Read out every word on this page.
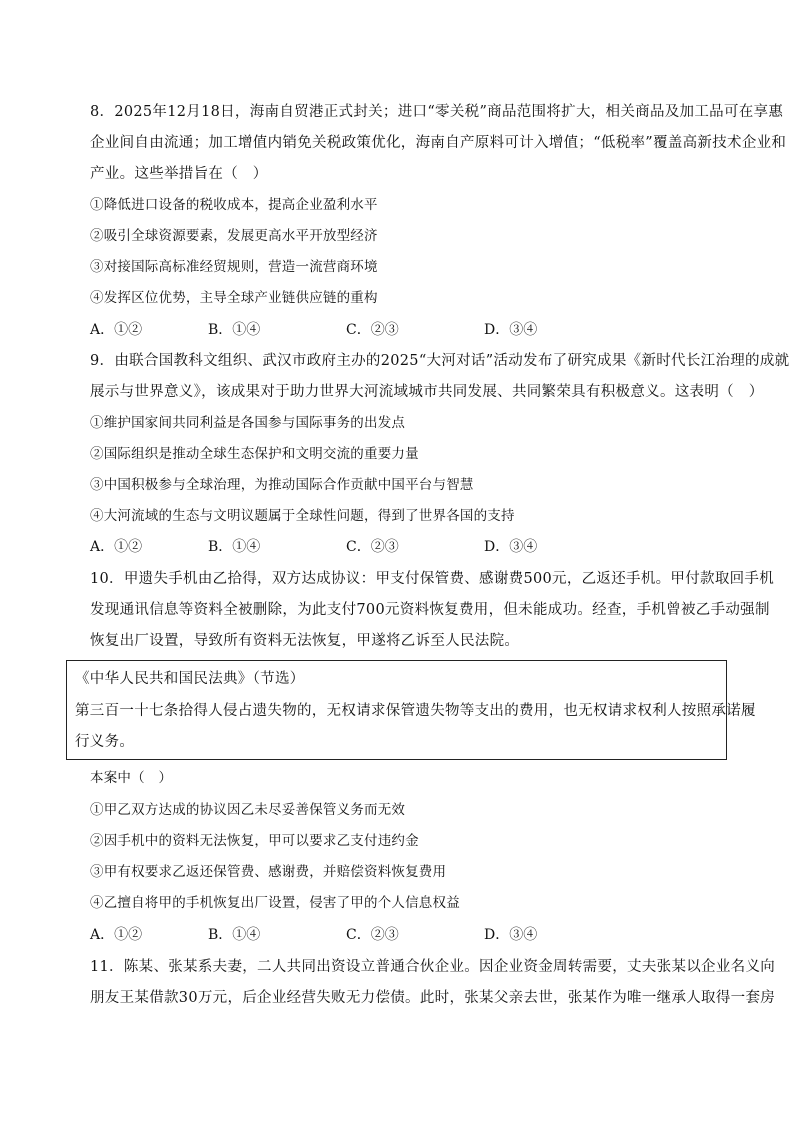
8．2025年12月18日，海南自贸港正式封关；进口“零关税”商品范围将扩大，相关商品及加工品可在享惠
企业间自由流通；加工增值内销免关税政策优化，海南自产原料可计入增值；“低税率”覆盖高新技术企业和
产业。这些举措旨在（　）
①降低进口设备的税收成本，提高企业盈利水平
②吸引全球资源要素，发展更高水平开放型经济
③对接国际高标准经贸规则，营造一流营商环境
④发挥区位优势，主导全球产业链供应链的重构
A．①②	B．①④	C．②③	D．③④
9．由联合国教科文组织、武汉市政府主办的2025“大河对话”活动发布了研究成果《新时代长江治理的成就
展示与世界意义》，该成果对于助力世界大河流域城市共同发展、共同繁荣具有积极意义。这表明（　）
①维护国家间共同利益是各国参与国际事务的出发点
②国际组织是推动全球生态保护和文明交流的重要力量
③中国积极参与全球治理，为推动国际合作贡献中国平台与智慧
④大河流域的生态与文明议题属于全球性问题，得到了世界各国的支持
A．①②	B．①④	C．②③	D．③④
10．甲遗失手机由乙拾得，双方达成协议：甲支付保管费、感谢费500元，乙返还手机。甲付款取回手机
发现通讯信息等资料全被删除，为此支付700元资料恢复费用，但未能成功。经查，手机曾被乙手动强制
恢复出厂设置，导致所有资料无法恢复，甲遂将乙诉至人民法院。
《中华人民共和国民法典》（节选）
第三百一十七条拾得人侵占遗失物的，无权请求保管遗失物等支出的费用，也无权请求权利人按照承诺履
行义务。
本案中（　）
①甲乙双方达成的协议因乙未尽妥善保管义务而无效
②因手机中的资料无法恢复，甲可以要求乙支付违约金
③甲有权要求乙返还保管费、感谢费，并赔偿资料恢复费用
④乙擅自将甲的手机恢复出厂设置，侵害了甲的个人信息权益
A．①②	B．①④	C．②③	D．③④
11．陈某、张某系夫妻，二人共同出资设立普通合伙企业。因企业资金周转需要，丈夫张某以企业名义向
朋友王某借款30万元，后企业经营失败无力偿债。此时，张某父亲去世，张某作为唯一继承人取得一套房
